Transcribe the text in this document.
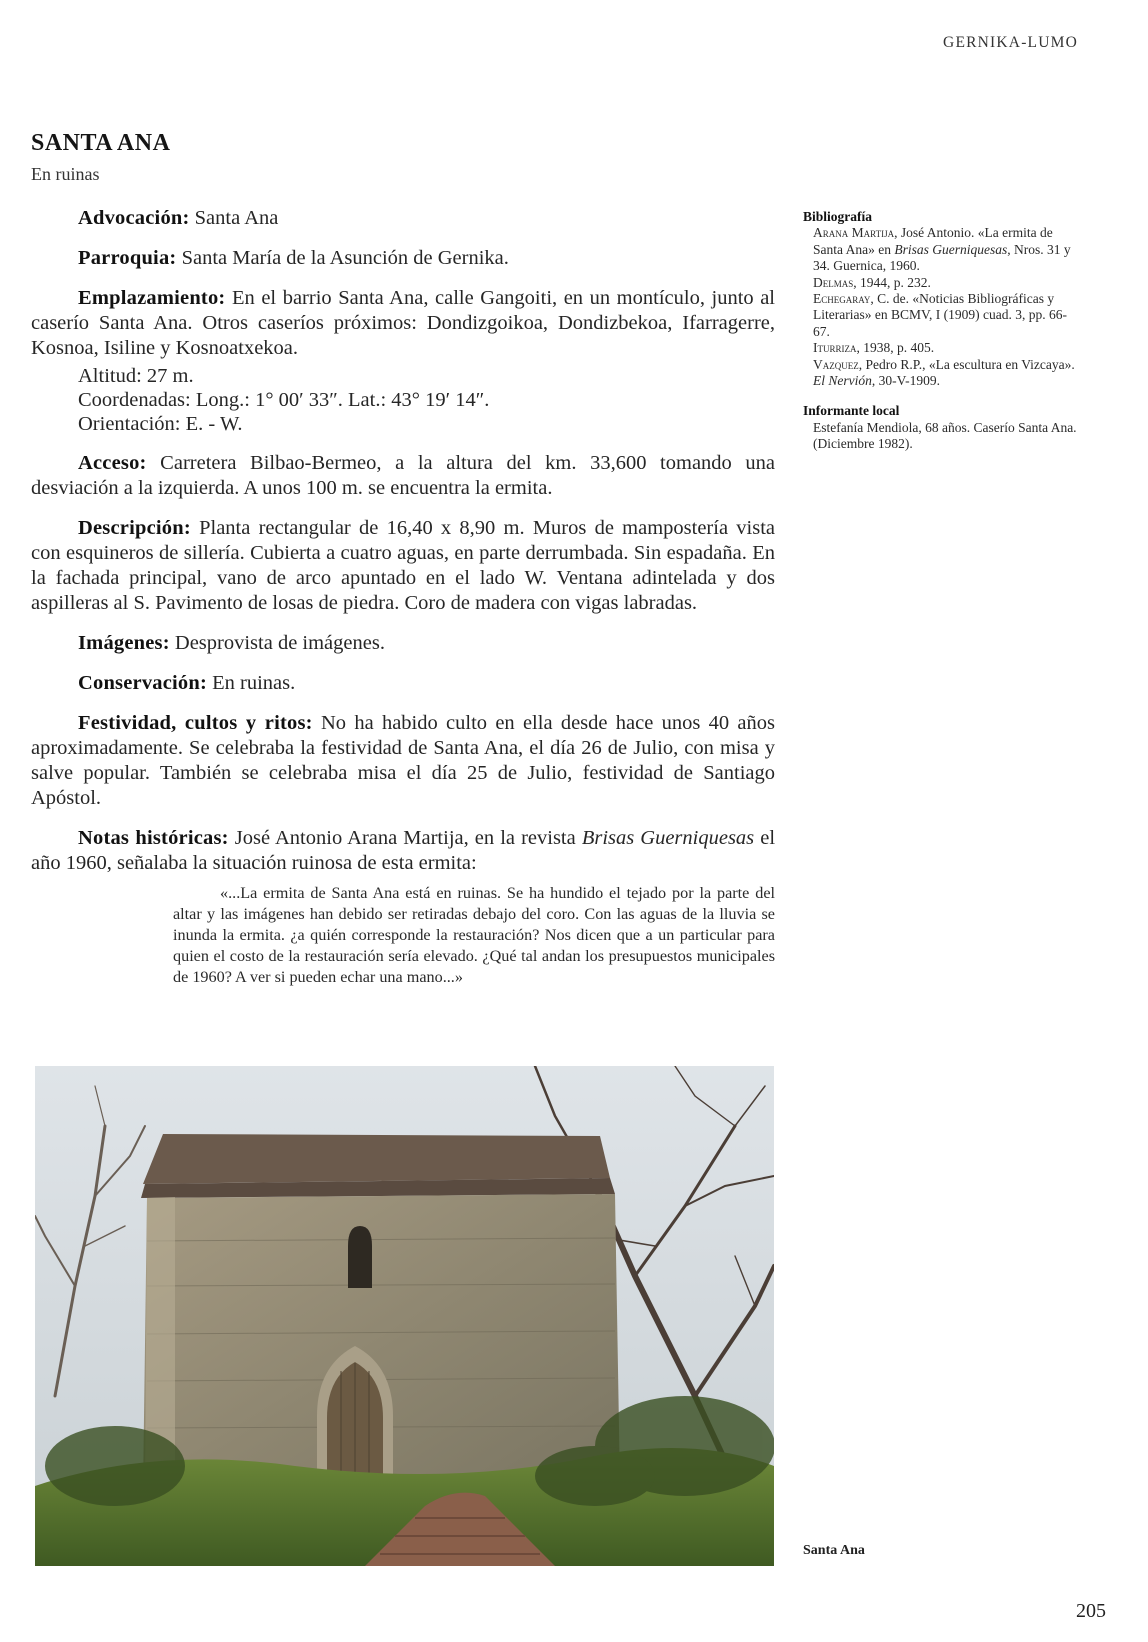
GERNIKA-LUMO
SANTA ANA
En ruinas

Advocación: Santa Ana

Parroquia: Santa María de la Asunción de Gernika.

Emplazamiento: En el barrio Santa Ana, calle Gangoiti, en un montículo, junto al caserío Santa Ana. Otros caseríos próximos: Dondizgoikoa, Dondizbekoa, Ifarragerre, Kosnoa, Isiline y Kosnoatxekoa.

Altitud: 27 m.
Coordenadas: Long.: 1° 00′ 33″. Lat.: 43° 19′ 14″.
Orientación: E. - W.

Acceso: Carretera Bilbao-Bermeo, a la altura del km. 33,600 tomando una desviación a la izquierda. A unos 100 m. se encuentra la ermita.

Descripción: Planta rectangular de 16,40 x 8,90 m. Muros de mampostería vista con esquineros de sillería. Cubierta a cuatro aguas, en parte derrumbada. Sin espadaña. En la fachada principal, vano de arco apuntado en el lado W. Ventana adintelada y dos aspilleras al S. Pavimento de losas de piedra. Coro de madera con vigas labradas.

Imágenes: Desprovista de imágenes.

Conservación: En ruinas.

Festividad, cultos y ritos: No ha habido culto en ella desde hace unos 40 años aproximadamente. Se celebraba la festividad de Santa Ana, el día 26 de Julio, con misa y salve popular. También se celebraba misa el día 25 de Julio, festividad de Santiago Apóstol.

Notas históricas: José Antonio Arana Martija, en la revista Brisas Guerniquesas el año 1960, señalaba la situación ruinosa de esta ermita:

«...La ermita de Santa Ana está en ruinas. Se ha hundido el tejado por la parte del altar y las imágenes han debido ser retiradas debajo del coro. Con las aguas de la lluvia se inunda la ermita. ¿a quién corresponde la restauración? Nos dicen que a un particular para quien el costo de la restauración sería elevado. ¿Qué tal andan los presupuestos municipales de 1960? A ver si pueden echar una mano...»
Bibliografía
Arana Martija, José Antonio. «La ermita de Santa Ana» en Brisas Guerniquesas, Nros. 31 y 34. Guernica, 1960.
Delmas, 1944, p. 232.
Echegaray, C. de. «Noticias Bibliográficas y Literarias» en BCMV, I (1909) cuad. 3, pp. 66-67.
Iturriza, 1938, p. 405.
Vazquez, Pedro R.P., «La escultura en Vizcaya». El Nervión, 30-V-1909.
Informante local
Estefanía Mendiola, 68 años. Caserío Santa Ana. (Diciembre 1982).
Santa Ana
205
